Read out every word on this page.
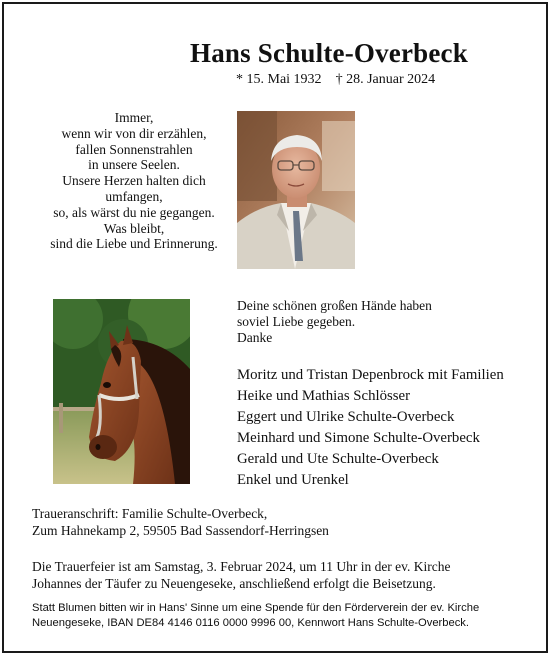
Hans Schulte-Overbeck
* 15. Mai 1932 † 28. Januar 2024
Immer,
wenn wir von dir erzählen,
fallen Sonnenstrahlen
in unsere Seelen.
Unsere Herzen halten dich
umfangen,
so, als wärst du nie gegangen.
Was bleibt,
sind die Liebe und Erinnerung.
Deine schönen großen Hände haben
soviel Liebe gegeben.
Danke
Moritz und Tristan Depenbrock mit Familien
Heike und Mathias Schlösser
Eggert und Ulrike Schulte-Overbeck
Meinhard und Simone Schulte-Overbeck
Gerald und Ute Schulte-Overbeck
Enkel und Urenkel
Traueranschrift: Familie Schulte-Overbeck,
Zum Hahnekamp 2, 59505 Bad Sassendorf-Herringsen
Die Trauerfeier ist am Samstag, 3. Februar 2024, um 11 Uhr in der ev. Kirche
Johannes der Täufer zu Neuengeseke, anschließend erfolgt die Beisetzung.
Statt Blumen bitten wir in Hans' Sinne um eine Spende für den Förderverein der ev. Kirche
Neuengeseke, IBAN DE84 4146 0116 0000 9996 00, Kennwort Hans Schulte-Overbeck.
